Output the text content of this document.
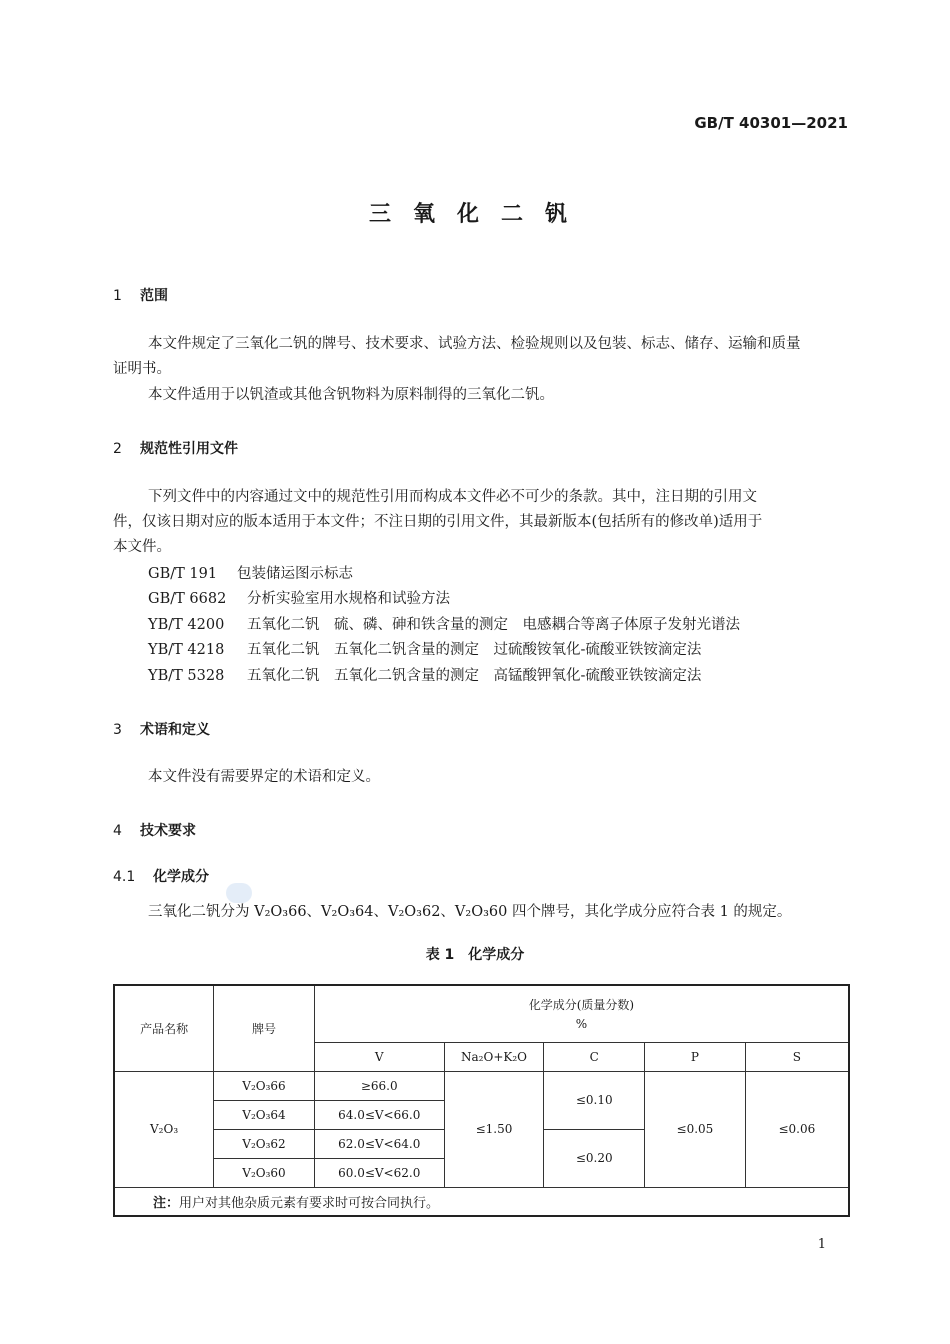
GB/T 40301—2021
三氧化二钒
1 范围
本文件规定了三氧化二钒的牌号、技术要求、试验方法、检验规则以及包装、标志、储存、运输和质量
证明书。
本文件适用于以钒渣或其他含钒物料为原料制得的三氧化二钒。
2 规范性引用文件
下列文件中的内容通过文中的规范性引用而构成本文件必不可少的条款。其中，注日期的引用文
件，仅该日期对应的版本适用于本文件；不注日期的引用文件，其最新版本(包括所有的修改单)适用于
本文件。
GB/T 191 包装储运图示标志
GB/T 6682 分析实验室用水规格和试验方法
YB/T 4200 五氧化二钒　硫、磷、砷和铁含量的测定　电感耦合等离子体原子发射光谱法
YB/T 4218 五氧化二钒　五氧化二钒含量的测定　过硫酸铵氧化-硫酸亚铁铵滴定法
YB/T 5328 五氧化二钒　五氧化二钒含量的测定　高锰酸钾氧化-硫酸亚铁铵滴定法
3 术语和定义
本文件没有需要界定的术语和定义。
4 技术要求
4.1 化学成分
三氧化二钒分为 V₂O₃66、V₂O₃64、V₂O₃62、V₂O₃60 四个牌号，其化学成分应符合表 1 的规定。
表 1　化学成分
产品名称	牌号	化学成分(质量分数)
%				

		V	Na₂O+K₂O	C	P	S
V₂O₃	V₂O₃66	≥66.0	≤1.50	≤0.10	≤0.05	≤0.06
	V₂O₃64	64.0≤V<66.0				
	V₂O₃62	62.0≤V<64.0		≤0.20		
	V₂O₃60	60.0≤V<62.0				
注：用户对其他杂质元素有要求时可按合同执行。						
1
